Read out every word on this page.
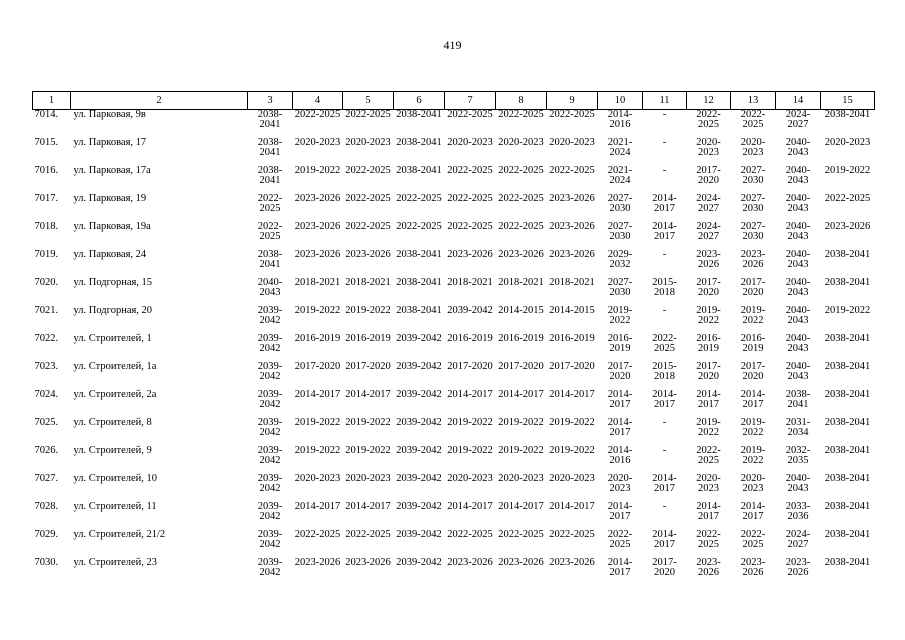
419
1	2	3	4	5	6	7	8	9	10	11	12	13	14	15
7014.	ул. Парковая, 9в	2038-2041	2022-2025	2022-2025	2038-2041	2022-2025	2022-2025	2022-2025	2014-2016	-	2022-2025	2022-2025	2024-2027	2038-2041
7015.	ул. Парковая, 17	2038-2041	2020-2023	2020-2023	2038-2041	2020-2023	2020-2023	2020-2023	2021-2024	-	2020-2023	2020-2023	2040-2043	2020-2023
7016.	ул. Парковая, 17а	2038-2041	2019-2022	2022-2025	2038-2041	2022-2025	2022-2025	2022-2025	2021-2024	-	2017-2020	2027-2030	2040-2043	2019-2022
7017.	ул. Парковая, 19	2022-2025	2023-2026	2022-2025	2022-2025	2022-2025	2022-2025	2023-2026	2027-2030	2014-2017	2024-2027	2027-2030	2040-2043	2022-2025
7018.	ул. Парковая, 19а	2022-2025	2023-2026	2022-2025	2022-2025	2022-2025	2022-2025	2023-2026	2027-2030	2014-2017	2024-2027	2027-2030	2040-2043	2023-2026
7019.	ул. Парковая, 24	2038-2041	2023-2026	2023-2026	2038-2041	2023-2026	2023-2026	2023-2026	2029-2032	-	2023-2026	2023-2026	2040-2043	2038-2041
7020.	ул. Подгорная, 15	2040-2043	2018-2021	2018-2021	2038-2041	2018-2021	2018-2021	2018-2021	2027-2030	2015-2018	2017-2020	2017-2020	2040-2043	2038-2041
7021.	ул. Подгорная, 20	2039-2042	2019-2022	2019-2022	2038-2041	2039-2042	2014-2015	2014-2015	2019-2022	-	2019-2022	2019-2022	2040-2043	2019-2022
7022.	ул. Строителей, 1	2039-2042	2016-2019	2016-2019	2039-2042	2016-2019	2016-2019	2016-2019	2016-2019	2022-2025	2016-2019	2016-2019	2040-2043	2038-2041
7023.	ул. Строителей, 1а	2039-2042	2017-2020	2017-2020	2039-2042	2017-2020	2017-2020	2017-2020	2017-2020	2015-2018	2017-2020	2017-2020	2040-2043	2038-2041
7024.	ул. Строителей, 2а	2039-2042	2014-2017	2014-2017	2039-2042	2014-2017	2014-2017	2014-2017	2014-2017	2014-2017	2014-2017	2014-2017	2038-2041	2038-2041
7025.	ул. Строителей, 8	2039-2042	2019-2022	2019-2022	2039-2042	2019-2022	2019-2022	2019-2022	2014-2017	-	2019-2022	2019-2022	2031-2034	2038-2041
7026.	ул. Строителей, 9	2039-2042	2019-2022	2019-2022	2039-2042	2019-2022	2019-2022	2019-2022	2014-2016	-	2022-2025	2019-2022	2032-2035	2038-2041
7027.	ул. Строителей, 10	2039-2042	2020-2023	2020-2023	2039-2042	2020-2023	2020-2023	2020-2023	2020-2023	2014-2017	2020-2023	2020-2023	2040-2043	2038-2041
7028.	ул. Строителей, 11	2039-2042	2014-2017	2014-2017	2039-2042	2014-2017	2014-2017	2014-2017	2014-2017	-	2014-2017	2014-2017	2033-2036	2038-2041
7029.	ул. Строителей, 21/2	2039-2042	2022-2025	2022-2025	2039-2042	2022-2025	2022-2025	2022-2025	2022-2025	2014-2017	2022-2025	2022-2025	2024-2027	2038-2041
7030.	ул. Строителей, 23	2039-2042	2023-2026	2023-2026	2039-2042	2023-2026	2023-2026	2023-2026	2014-2017	2017-2020	2023-2026	2023-2026	2023-2026	2038-2041
